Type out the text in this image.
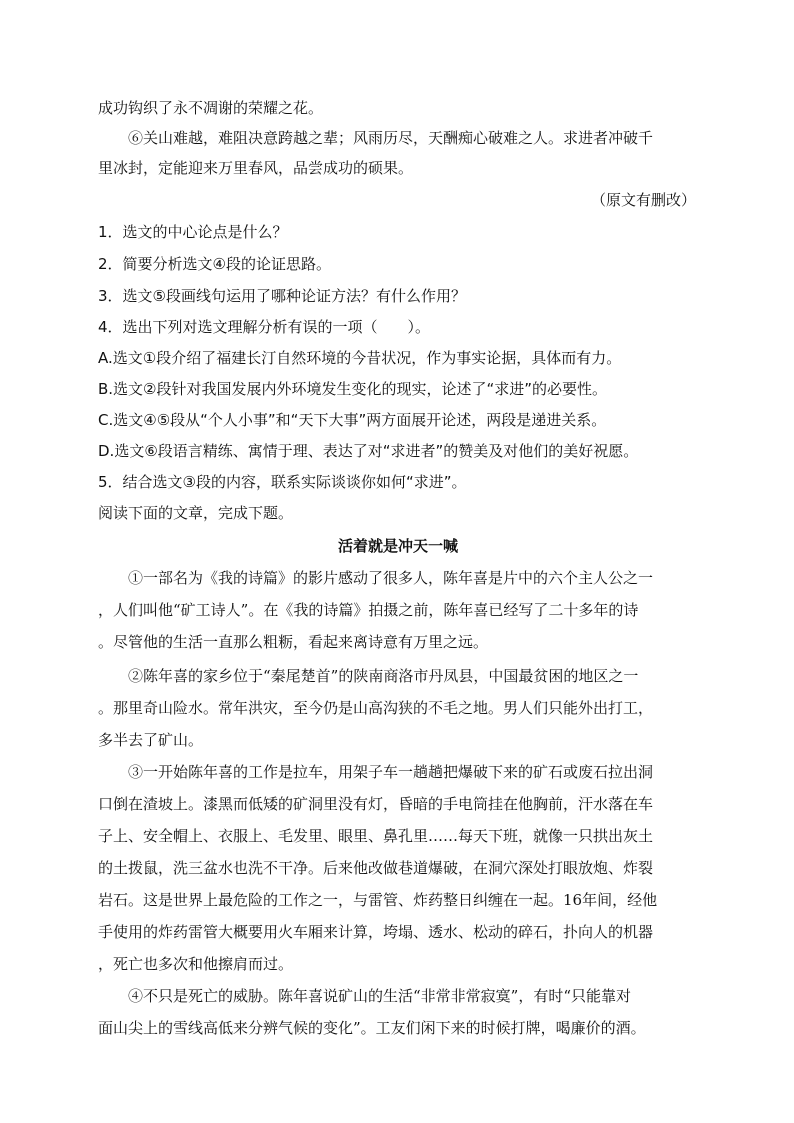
成功钩织了永不凋谢的荣耀之花。
⑥关山难越，难阻决意跨越之辈；风雨历尽，天酬痴心破难之人。求进者冲破千
里冰封，定能迎来万里春风，品尝成功的硕果。
（原文有删改）
1．选文的中心论点是什么？
2．简要分析选文④段的论证思路。
3．选文⑤段画线句运用了哪种论证方法？有什么作用？
4．选出下列对选文理解分析有误的一项（　　）。
A.选文①段介绍了福建长汀自然环境的今昔状况，作为事实论据，具体而有力。
B.选文②段针对我国发展内外环境发生变化的现实，论述了“求进”的必要性。
C.选文④⑤段从“个人小事”和“天下大事”两方面展开论述，两段是递进关系。
D.选文⑥段语言精练、寓情于理、表达了对“求进者”的赞美及对他们的美好祝愿。
5．结合选文③段的内容，联系实际谈谈你如何“求进”。
阅读下面的文章，完成下题。
活着就是冲天一喊
①一部名为《我的诗篇》的影片感动了很多人，陈年喜是片中的六个主人公之一
，人们叫他“矿工诗人”。在《我的诗篇》拍摄之前，陈年喜已经写了二十多年的诗
。尽管他的生活一直那么粗粝，看起来离诗意有万里之远。
②陈年喜的家乡位于“秦尾楚首”的陕南商洛市丹凤县，中国最贫困的地区之一
。那里奇山险水。常年洪灾，至今仍是山高沟狭的不毛之地。男人们只能外出打工，
多半去了矿山。
③一开始陈年喜的工作是拉车，用架子车一趟趟把爆破下来的矿石或废石拉出洞
口倒在渣坡上。漆黑而低矮的矿洞里没有灯，昏暗的手电筒挂在他胸前，汗水落在车
子上、安全帽上、衣服上、毛发里、眼里、鼻孔里……每天下班，就像一只拱出灰土
的土拨鼠，洗三盆水也洗不干净。后来他改做巷道爆破，在洞穴深处打眼放炮、炸裂
岩石。这是世界上最危险的工作之一，与雷管、炸药整日纠缠在一起。16年间，经他
手使用的炸药雷管大概要用火车厢来计算，垮塌、透水、松动的碎石，扑向人的机器
，死亡也多次和他擦肩而过。
④不只是死亡的威胁。陈年喜说矿山的生活“非常非常寂寞”，有时“只能靠对
面山尖上的雪线高低来分辨气候的变化”。工友们闲下来的时候打牌，喝廉价的酒。
